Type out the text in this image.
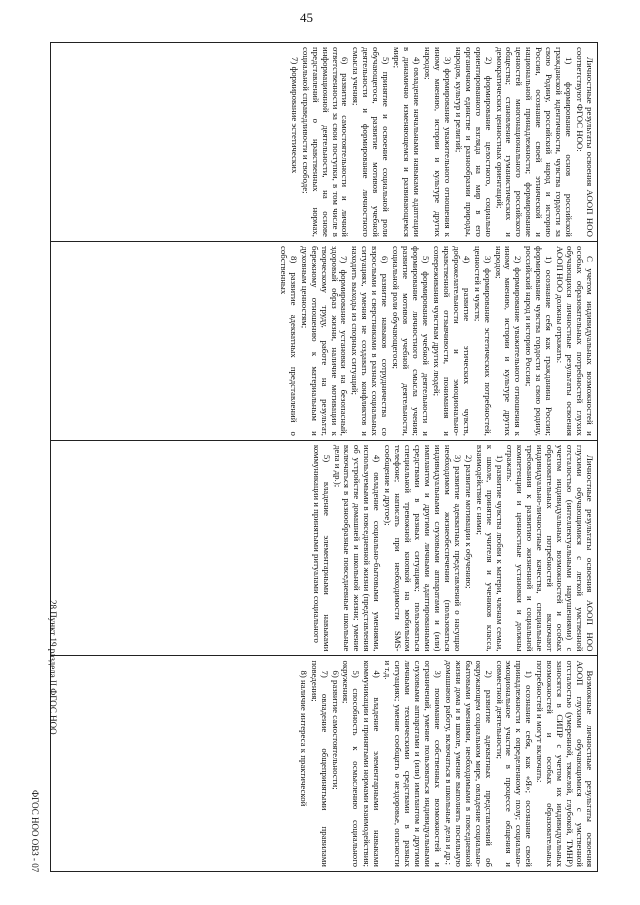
45

Личностные результаты освоения АООП НОО соответствуют ФГОС НОО:

1) формирование основ российской гражданской идентичности, чувства гордости за свою Родину, российский народ и историю России, осознание своей этнической и национальной принадлежности; формирование ценностей многонационального российского общества; становление гуманистических и демократических ценностных ориентаций;

2) формирование целостного, социально ориентированного взгляда на мир в его органичном единстве и разнообразии природы, народов, культур и религий;

3) формирование уважительного отношения к иному мнению, истории и культуре других народов;

4) овладение начальными навыками адаптации в динамично изменяющемся и развивающемся мире;

5) принятие и освоение социальной роли обучающегося, развитие мотивов учебной деятельности и формирование личностного смысла учения;

6) развитие самостоятельности и личной ответственности за свои поступки, в том числе в информационной деятельности, на основе представлений о нравственных нормах, социальной справедливости и свободе;

7) формирование эстетических

С учетом индивидуальных возможностей и особых образовательных потребностей глухих обучающихся личностные результаты освоения АООП НОО должны отражать:

1) осознание себя как гражданина России; формирование чувства гордости за свою родину, российский народ и историю России;

2) формирование уважительного отношения к иному мнению, истории и культуре других народов;

3) формирование эстетических потребностей, ценностей и чувств;

4) развитие этических чувств, доброжелательности и эмоционально-нравственной отзывчивости, понимания и сопереживания чувствам других людей;

5) формирование учебной деятельности и формирование личностного смысла учения; развитие мотивов учебной деятельности, социальной роли обучающегося;

6) развитие навыков сотрудничества со взрослыми и сверстниками в разных социальных ситуациях, умения не создавать конфликтов и находить выходы из спорных ситуаций;

7) формирование установки на безопасный, здоровый образ жизни, наличие мотивации к творческому труду, работе на результат, бережному отношению к материальным и духовным ценностям;

8) развитие адекватных представлений о собственных

Личностные результаты освоения АООП НОО глухими обучающимися с легкой умственной отсталостью (интеллектуальными нарушениями) с учетом индивидуальных возможностей и особых образовательных потребностей включают индивидуально-личностные качества, специальные требования к развитию жизненной и социальной компетенции и ценностные установки и должны отражать:

1) развитие чувства любви к матери, членам семьи, к школе, принятие учителя и учеников класса, взаимодействие с ними;

2) развитие мотивации к обучению;

3) развитие адекватных представлений о насущно необходимом жизнеобеспечении (пользоваться индивидуальными слуховыми аппаратами и (или) имплантом и другими личными адаптированными средствами в разных ситуациях; пользоваться специальной тревожной кнопкой на мобильном телефоне; написать при необходимости SMS-сообщение и другое);

4) овладение социально-бытовыми умениями, используемыми в повседневной жизни (представления об устройстве домашней и школьной жизни; умение включаться в разнообразные повседневные школьные дела и др.);

5) владение элементарными навыками коммуникации и принятыми ритуалами социального

Возможные личностные результаты освоения АООП глухими обучающимися с умственной отсталостью (умеренной, тяжелой, глубокой, ТМНР) заносятся в СИПР с учетом их индивидуальных возможностей и особых образовательных потребностей и могут включать:

1) осознание себя, как «Я»; осознание своей принадлежности к определенному полу; социально-эмоциональное участие в процессе общения и совместной деятельности;

2) развитие адекватных представлений об окружающем социальном мире, овладение социально-бытовыми умениями, необходимыми в повседневной жизни дома и в школе, умение выполнять посильную домашнюю работу, включаться в школьные дела и др.;

3) понимание собственных возможностей и ограничений, умение пользоваться индивидуальными слуховыми аппаратами и (или) имплантом и другими личными техническими средствами в разных ситуациях; умение сообщать о нездоровье, опасности и т.д.

4) владение элементарными навыками коммуникации и принятыми нормами взаимодействия;

5) способность к осмыслению социального окружения;

6) развитие самостоятельности;

7) овладение общепринятыми правилами поведения;

8) наличие интереса к практической

28 Пункт 19 раздела II ФГОС НОО
ФГОС НОО ОВЗ - 07
